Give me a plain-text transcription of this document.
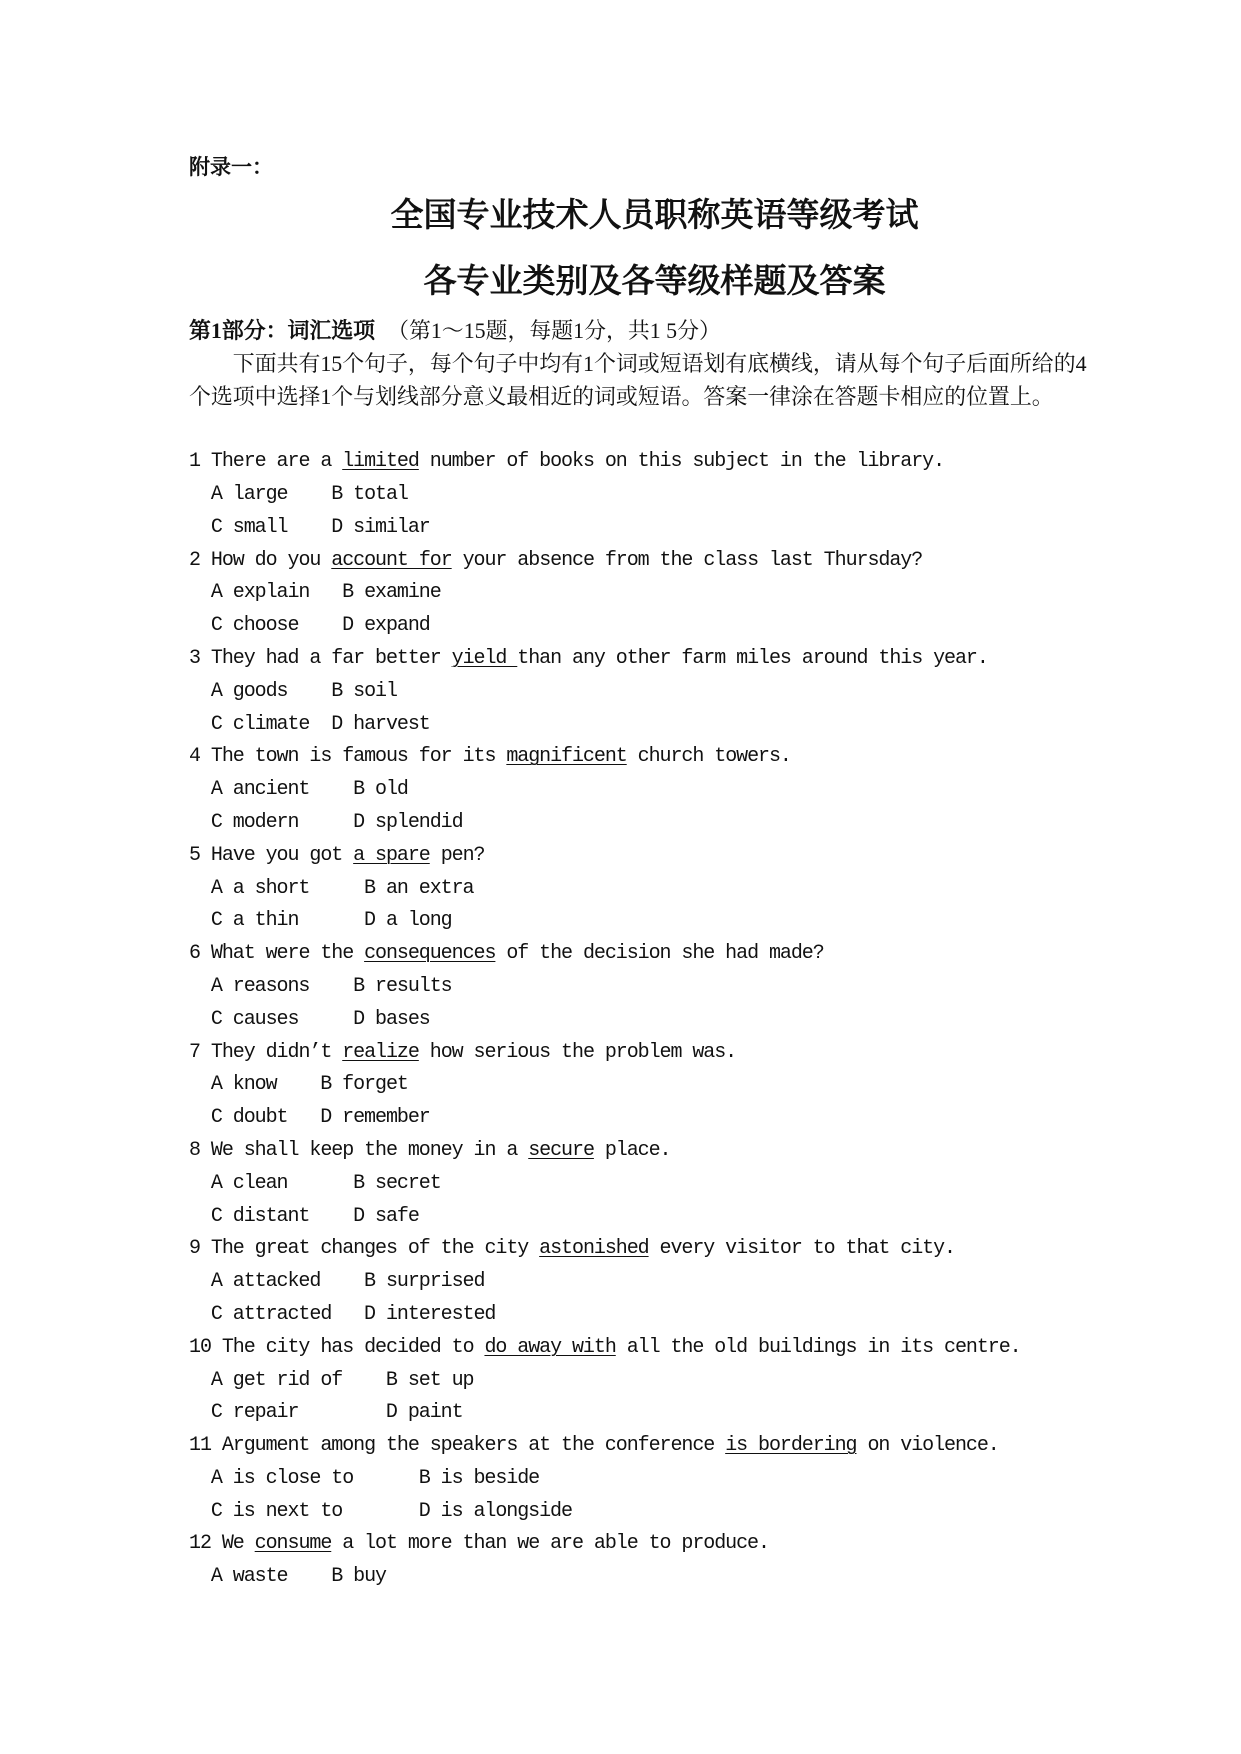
附录一：
全国专业技术人员职称英语等级考试
各专业类别及各等级样题及答案
第1部分：词汇选项 （第1～15题，每题1分，共1 5分）
下面共有15个句子，每个句子中均有1个词或短语划有底横线，请从每个句子后面所给的4
个选项中选择1个与划线部分意义最相近的词或短语。答案一律涂在答题卡相应的位置上。
1 There are a limited number of books on this subject in the library.
A large B total
C small D similar
2 How do you account for your absence from the class last Thursday?
A explain B examine
C choose D expand
3 They had a far better yield than any other farm miles around this year.
A goods B soil
C climate D harvest
4 The town is famous for its magnificent church towers.
A ancient B old
C modern	D splendid
5 Have you got a spare pen?
A a short	B an extra
C a thin	D a long
6 What were the consequences of the decision she had made?
A reasons B results
C causes	D bases
7 They didn’t realize how serious the problem was.
A know B forget
C doubt D remember
8 We shall keep the money in a secure place.
A clean	B secret
C distant D safe
9 The great changes of the city astonished every visitor to that city.
A attacked B surprised
C attracted D interested
10 The city has decided to do away with all the old buildings in its centre.
A get rid of B set up
C repair	D paint
11 Argument among the speakers at the conference is bordering on violence.
A is close to	B is beside
C is next to	D is alongside
12 We consume a lot more than we are able to produce.
A waste B buy
